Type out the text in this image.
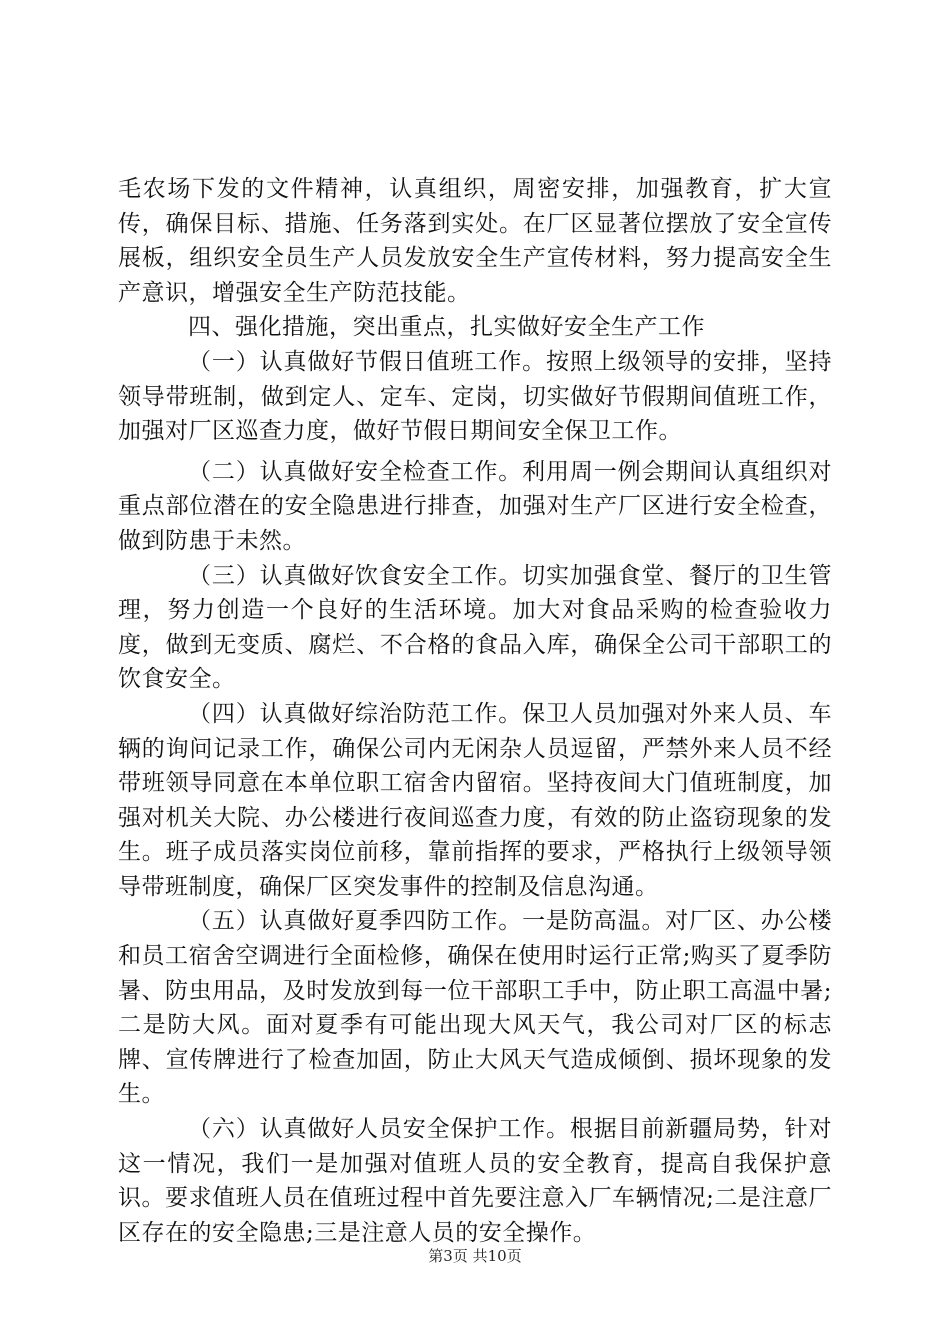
毛农场下发的文件精神，认真组织，周密安排，加强教育，扩大宣传，确保目标、措施、任务落到实处。在厂区显著位摆放了安全宣传展板，组织安全员生产人员发放安全生产宣传材料，努力提高安全生产意识，增强安全生产防范技能。

四、强化措施，突出重点，扎实做好安全生产工作

（一）认真做好节假日值班工作。按照上级领导的安排，坚持领导带班制，做到定人、定车、定岗，切实做好节假期间值班工作，加强对厂区巡查力度，做好节假日期间安全保卫工作。

（二）认真做好安全检查工作。利用周一例会期间认真组织对重点部位潜在的安全隐患进行排查，加强对生产厂区进行安全检查，做到防患于未然。

（三）认真做好饮食安全工作。切实加强食堂、餐厅的卫生管理，努力创造一个良好的生活环境。加大对食品采购的检查验收力度，做到无变质、腐烂、不合格的食品入库，确保全公司干部职工的饮食安全。

（四）认真做好综治防范工作。保卫人员加强对外来人员、车辆的询问记录工作，确保公司内无闲杂人员逗留，严禁外来人员不经带班领导同意在本单位职工宿舍内留宿。坚持夜间大门值班制度，加强对机关大院、办公楼进行夜间巡查力度，有效的防止盗窃现象的发生。班子成员落实岗位前移，靠前指挥的要求，严格执行上级领导领导带班制度，确保厂区突发事件的控制及信息沟通。

（五）认真做好夏季四防工作。一是防高温。对厂区、办公楼和员工宿舍空调进行全面检修，确保在使用时运行正常;购买了夏季防暑、防虫用品，及时发放到每一位干部职工手中，防止职工高温中暑;二是防大风。面对夏季有可能出现大风天气，我公司对厂区的标志牌、宣传牌进行了检查加固，防止大风天气造成倾倒、损坏现象的发生。

（六）认真做好人员安全保护工作。根据目前新疆局势，针对这一情况，我们一是加强对值班人员的安全教育，提高自我保护意识。要求值班人员在值班过程中首先要注意入厂车辆情况;二是注意厂区存在的安全隐患;三是注意人员的安全操作。

第3页 共10页
